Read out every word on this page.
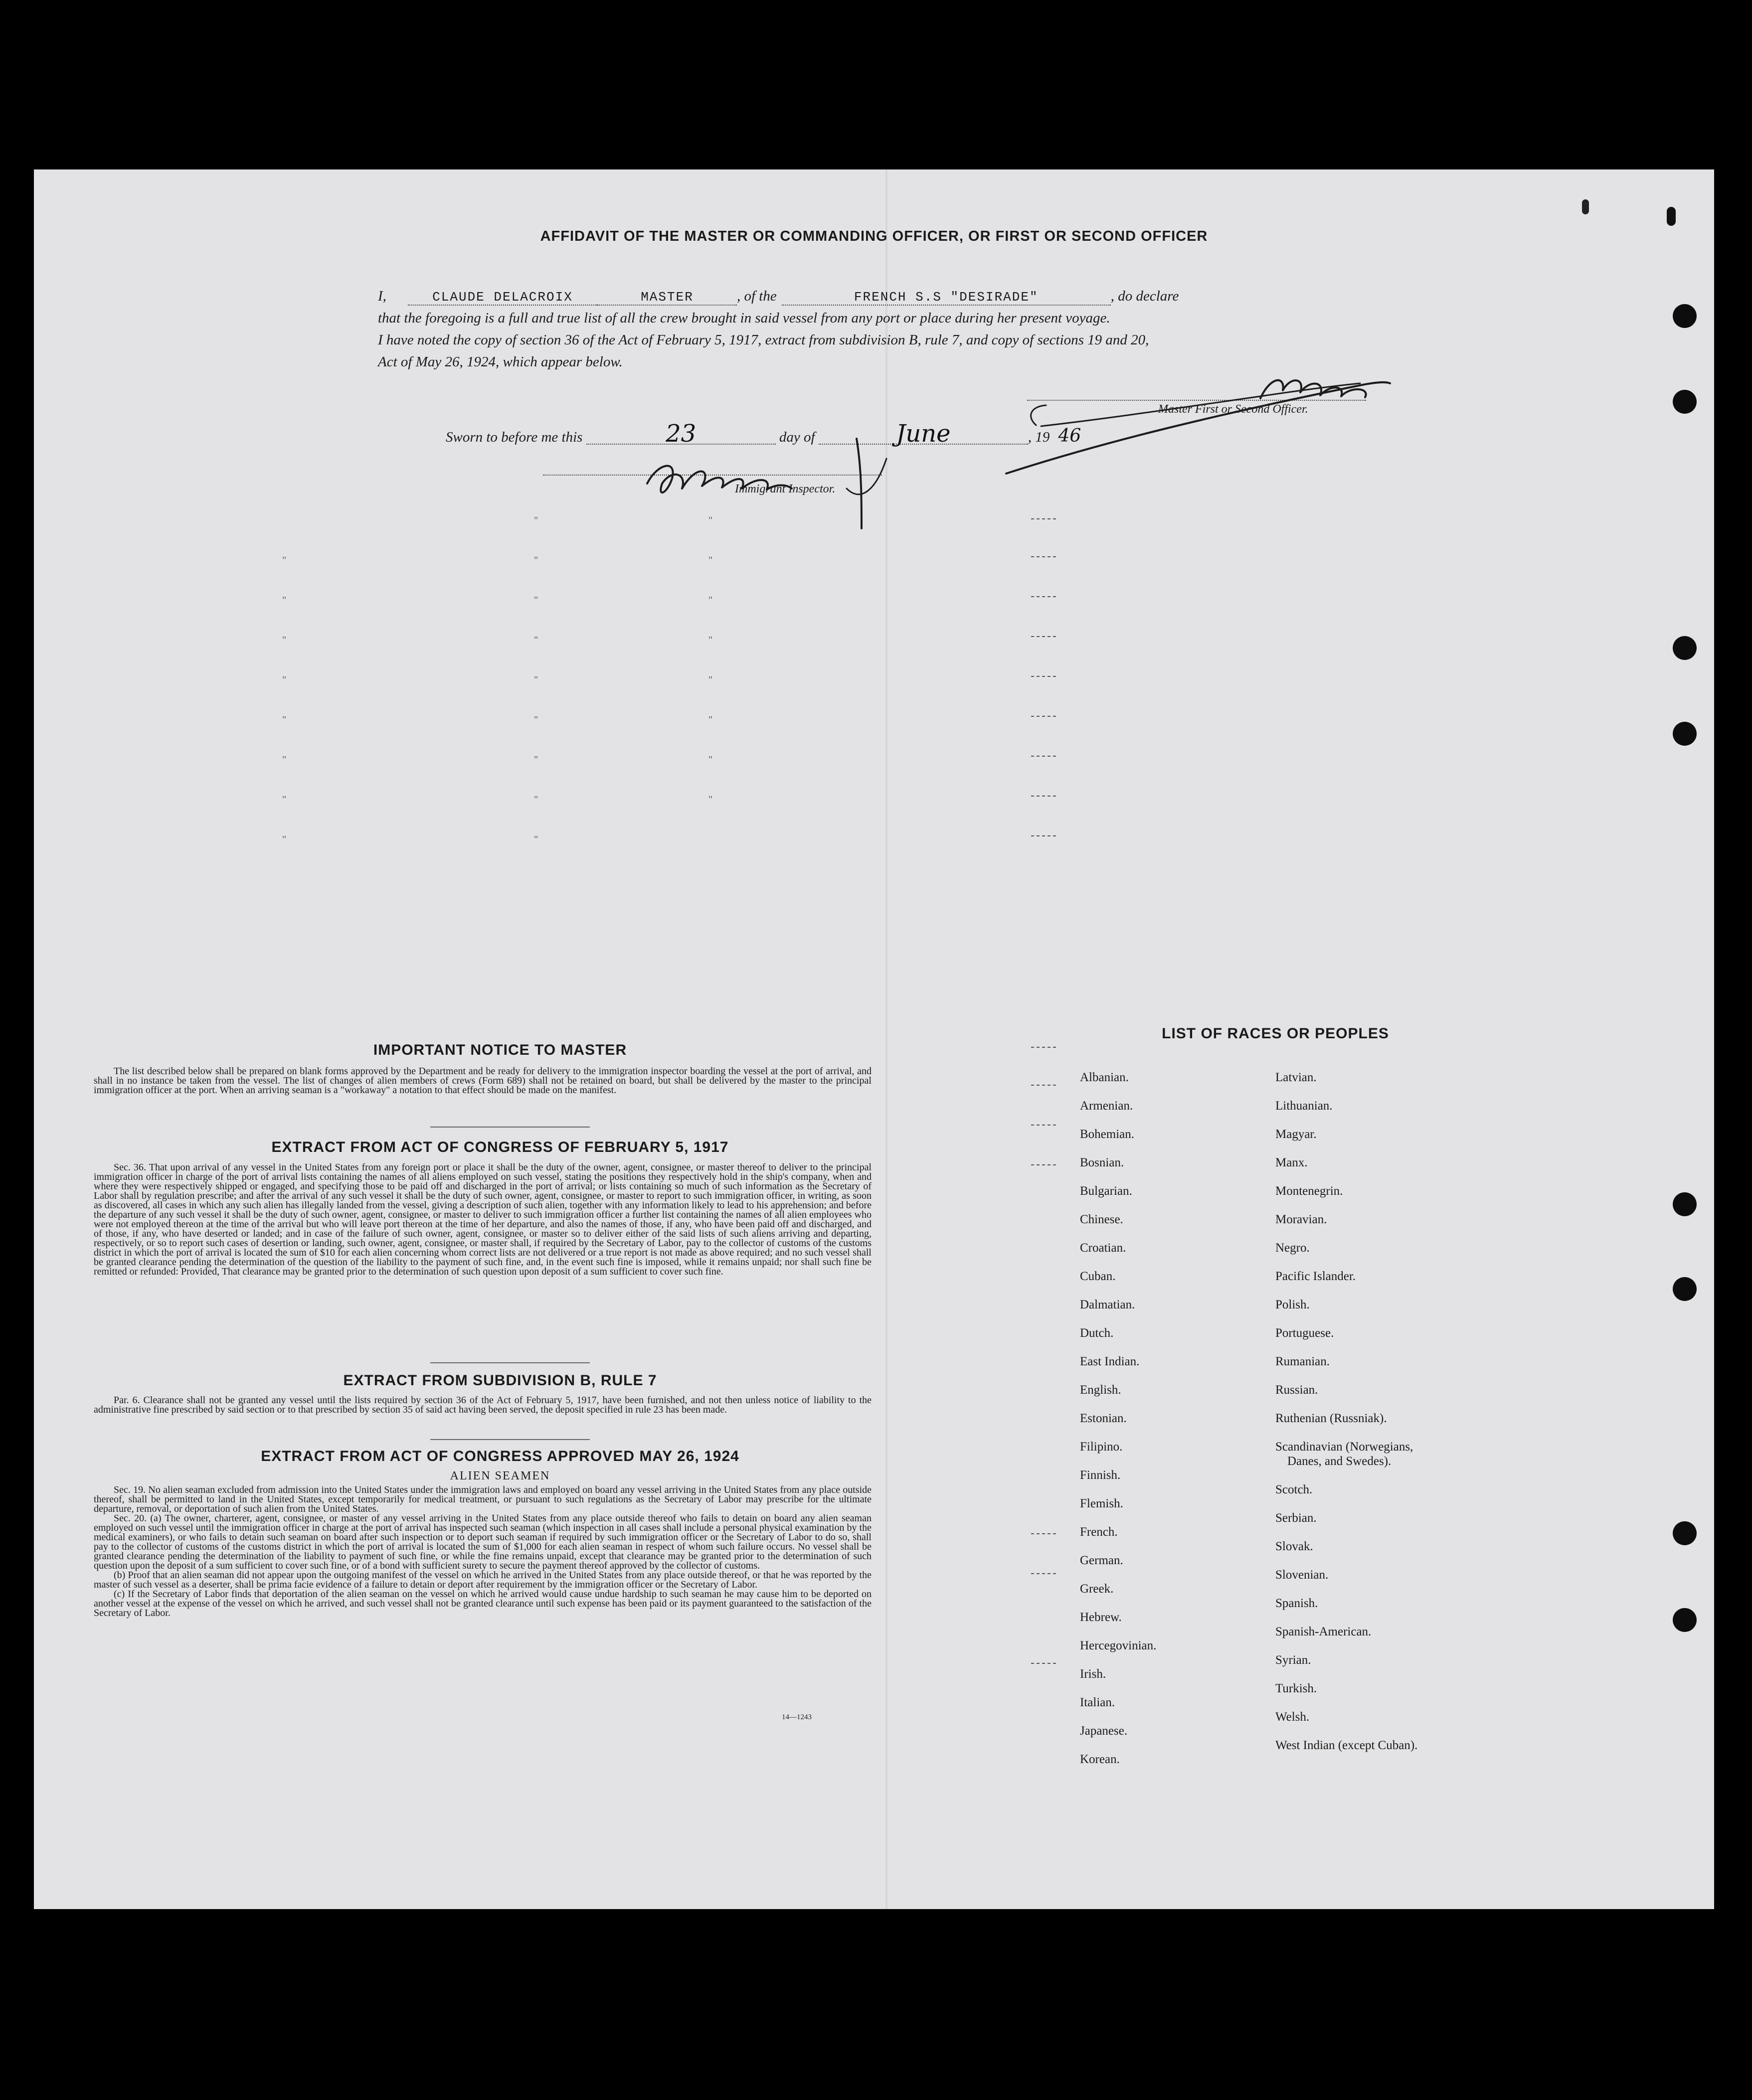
AFFIDAVIT OF THE MASTER OR COMMANDING OFFICER, OR FIRST OR SECOND OFFICER
I,	CLAUDE DELACROIX	MASTER	, of the	FRENCH S.S "DESIRADE"	, do declare
that the foregoing is a full and true list of all the crew brought in said vessel from any port or place during her present voyage.
I have noted the copy of section 36 of the Act of February 5, 1917, extract from subdivision B, rule 7, and copy of sections 19 and 20,
Act of May 26, 1924, which appear below.
Sworn to before me this	23	day of	June	, 19 46
Master First or Second Officer.
Immigrant Inspector.
"
"
"
"
"
"
"
"
"
"
"
"
"
"
"
"
"
"
"
"
"
"
"
"
"
IMPORTANT NOTICE TO MASTER

The list described below shall be prepared on blank forms approved by the Department and be ready for delivery to the immigration inspector boarding the vessel at the port of arrival, and shall in no instance be taken from the vessel. The list of changes of alien members of crews (Form 689) shall not be retained on board, but shall be delivered by the master to the principal immigration officer at the port. When an arriving seaman is a "workaway" a notation to that effect should be made on the manifest.

EXTRACT FROM ACT OF CONGRESS OF FEBRUARY 5, 1917

Sec. 36. That upon arrival of any vessel in the United States from any foreign port or place it shall be the duty of the owner, agent, consignee, or master thereof to deliver to the principal immigration officer in charge of the port of arrival lists containing the names of all aliens employed on such vessel, stating the positions they respectively hold in the ship's company, when and where they were respectively shipped or engaged, and specifying those to be paid off and discharged in the port of arrival; or lists containing so much of such information as the Secretary of Labor shall by regulation prescribe; and after the arrival of any such vessel it shall be the duty of such owner, agent, consignee, or master to report to such immigration officer, in writing, as soon as discovered, all cases in which any such alien has illegally landed from the vessel, giving a description of such alien, together with any information likely to lead to his apprehension; and before the departure of any such vessel it shall be the duty of such owner, agent, consignee, or master to deliver to such immigration officer a further list containing the names of all alien employees who were not employed thereon at the time of the arrival but who will leave port thereon at the time of her departure, and also the names of those, if any, who have been paid off and discharged, and of those, if any, who have deserted or landed; and in case of the failure of such owner, agent, consignee, or master so to deliver either of the said lists of such aliens arriving and departing, respectively, or so to report such cases of desertion or landing, such owner, agent, consignee, or master shall, if required by the Secretary of Labor, pay to the collector of customs of the customs district in which the port of arrival is located the sum of $10 for each alien concerning whom correct lists are not delivered or a true report is not made as above required; and no such vessel shall be granted clearance pending the determination of the question of the liability to the payment of such fine, and, in the event such fine is imposed, while it remains unpaid; nor shall such fine be remitted or refunded: Provided, That clearance may be granted prior to the determination of such question upon deposit of a sum sufficient to cover such fine.

EXTRACT FROM SUBDIVISION B, RULE 7

Par. 6. Clearance shall not be granted any vessel until the lists required by section 36 of the Act of February 5, 1917, have been furnished, and not then unless notice of liability to the administrative fine prescribed by said section or to that prescribed by section 35 of said act having been served, the deposit specified in rule 23 has been made.

EXTRACT FROM ACT OF CONGRESS APPROVED MAY 26, 1924
ALIEN SEAMEN

Sec. 19. No alien seaman excluded from admission into the United States under the immigration laws and employed on board any vessel arriving in the United States from any place outside thereof, shall be permitted to land in the United States, except temporarily for medical treatment, or pursuant to such regulations as the Secretary of Labor may prescribe for the ultimate departure, removal, or deportation of such alien from the United States.

Sec. 20. (a) The owner, charterer, agent, consignee, or master of any vessel arriving in the United States from any place outside thereof who fails to detain on board any alien seaman employed on such vessel until the immigration officer in charge at the port of arrival has inspected such seaman (which inspection in all cases shall include a personal physical examination by the medical examiners), or who fails to detain such seaman on board after such inspection or to deport such seaman if required by such immigration officer or the Secretary of Labor to do so, shall pay to the collector of customs of the customs district in which the port of arrival is located the sum of $1,000 for each alien seaman in respect of whom such failure occurs. No vessel shall be granted clearance pending the determination of the liability to payment of such fine, or while the fine remains unpaid, except that clearance may be granted prior to the determination of such question upon the deposit of a sum sufficient to cover such fine, or of a bond with sufficient surety to secure the payment thereof approved by the collector of customs.

(b) Proof that an alien seaman did not appear upon the outgoing manifest of the vessel on which he arrived in the United States from any place outside thereof, or that he was reported by the master of such vessel as a deserter, shall be prima facie evidence of a failure to detain or deport after requirement by the immigration officer or the Secretary of Labor.

(c) If the Secretary of Labor finds that deportation of the alien seaman on the vessel on which he arrived would cause undue hardship to such seaman he may cause him to be deported on another vessel at the expense of the vessel on which he arrived, and such vessel shall not be granted clearance until such expense has been paid or its payment guaranteed to the satisfaction of the Secretary of Labor.

14—1243
LIST OF RACES OR PEOPLES
Albanian.
Armenian.
Bohemian.
Bosnian.
Bulgarian.
Chinese.
Croatian.
Cuban.
Dalmatian.
Dutch.
East Indian.
English.
Estonian.
Filipino.
Finnish.
Flemish.
French.
German.
Greek.
Hebrew.
Hercegovinian.
Irish.
Italian.
Japanese.
Korean.
Latvian.
Lithuanian.
Magyar.
Manx.
Montenegrin.
Moravian.
Negro.
Pacific Islander.
Polish.
Portuguese.
Rumanian.
Russian.
Ruthenian (Russniak).
Scandinavian (Norwegians,
Danes, and Swedes).
Scotch.
Serbian.
Slovak.
Slovenian.
Spanish.
Spanish-American.
Syrian.
Turkish.
Welsh.
West Indian (except Cuban).
